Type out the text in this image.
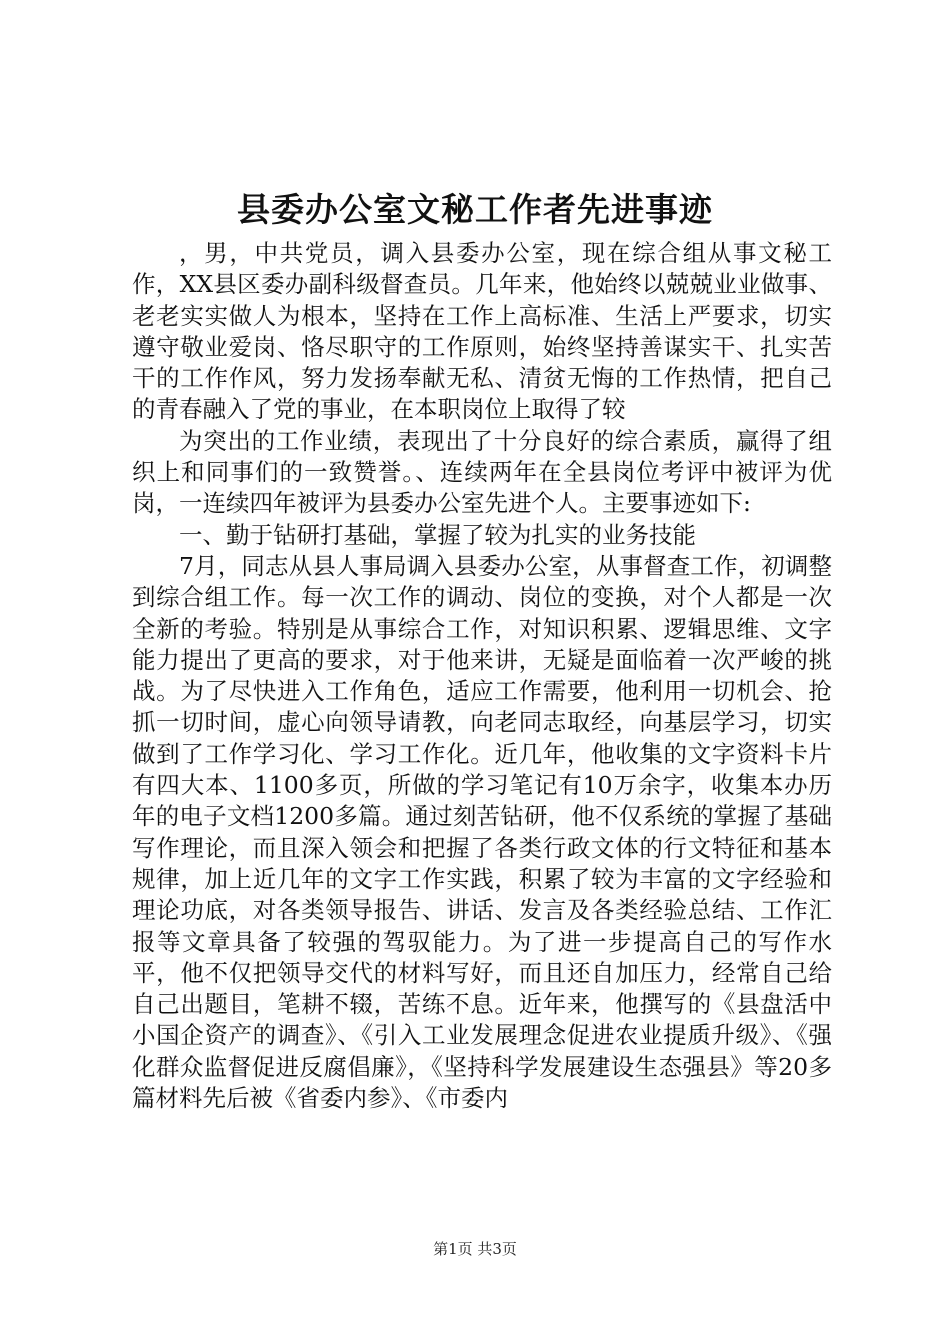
县委办公室文秘工作者先进事迹

，男，中共党员，调入县委办公室，现在综合组从事文秘工作，XX县区委办副科级督查员。几年来，他始终以兢兢业业做事、老老实实做人为根本，坚持在工作上高标准、生活上严要求，切实遵守敬业爱岗、恪尽职守的工作原则，始终坚持善谋实干、扎实苦干的工作作风，努力发扬奉献无私、清贫无悔的工作热情，把自己的青春融入了党的事业，在本职岗位上取得了较

为突出的工作业绩，表现出了十分良好的综合素质，赢得了组织上和同事们的一致赞誉。、连续两年在全县岗位考评中被评为优岗，一连续四年被评为县委办公室先进个人。主要事迹如下:

一、勤于钻研打基础，掌握了较为扎实的业务技能

7月，同志从县人事局调入县委办公室，从事督查工作，初调整到综合组工作。每一次工作的调动、岗位的变换，对个人都是一次全新的考验。特别是从事综合工作，对知识积累、逻辑思维、文字能力提出了更高的要求，对于他来讲，无疑是面临着一次严峻的挑战。为了尽快进入工作角色，适应工作需要，他利用一切机会、抢抓一切时间，虚心向领导请教，向老同志取经，向基层学习，切实做到了工作学习化、学习工作化。近几年，他收集的文字资料卡片有四大本、1100多页，所做的学习笔记有10万余字，收集本办历年的电子文档1200多篇。通过刻苦钻研，他不仅系统的掌握了基础写作理论，而且深入领会和把握了各类行政文体的行文特征和基本规律，加上近几年的文字工作实践，积累了较为丰富的文字经验和理论功底，对各类领导报告、讲话、发言及各类经验总结、工作汇报等文章具备了较强的驾驭能力。为了进一步提高自己的写作水平，他不仅把领导交代的材料写好，而且还自加压力，经常自己给自己出题目，笔耕不辍，苦练不息。近年来，他撰写的《县盘活中小国企资产的调查》、《引入工业发展理念促进农业提质升级》、《强化群众监督促进反腐倡廉》，《坚持科学发展建设生态强县》等20多篇材料先后被《省委内参》、《市委内

第1页 共3页
